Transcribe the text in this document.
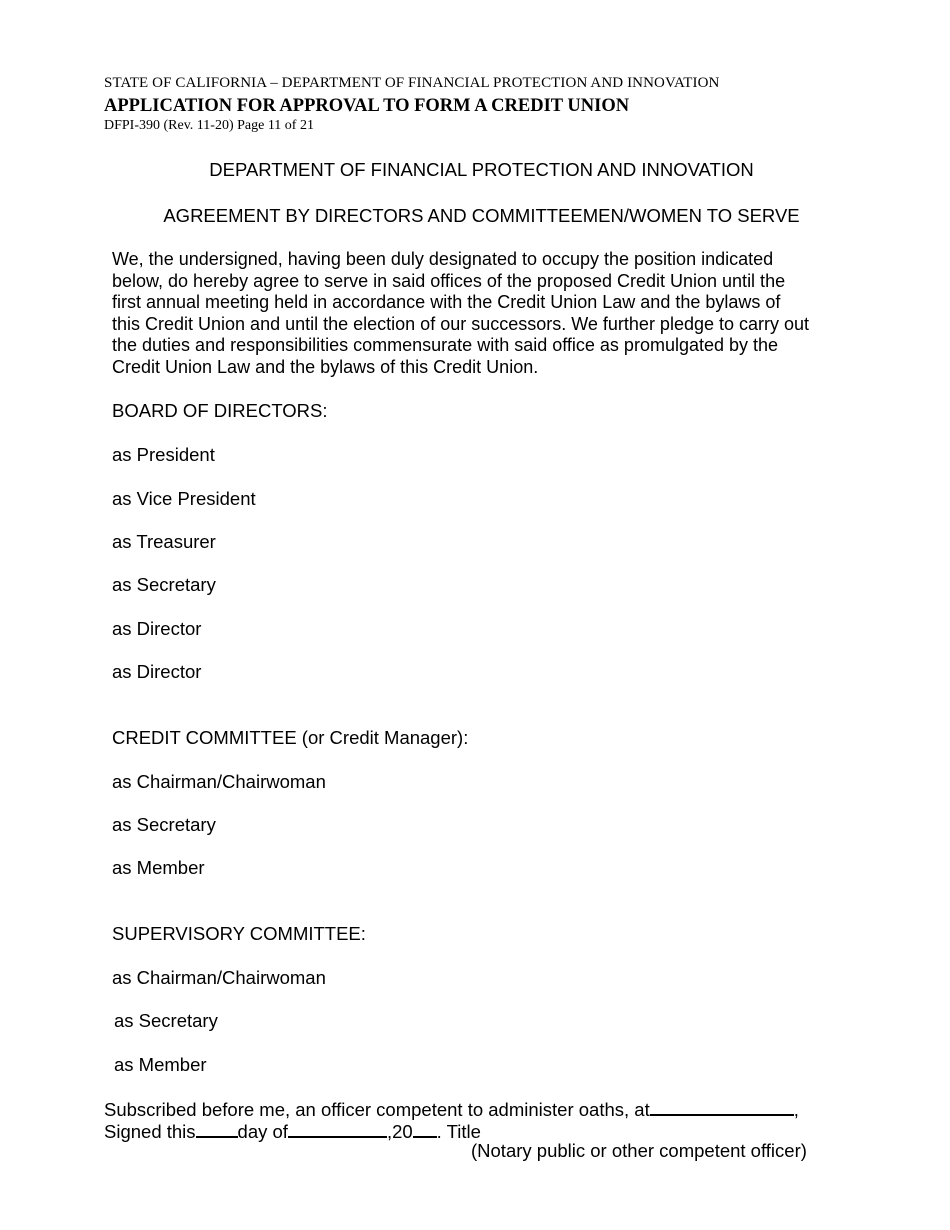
STATE OF CALIFORNIA – DEPARTMENT OF FINANCIAL PROTECTION AND INNOVATION
APPLICATION FOR APPROVAL TO FORM A CREDIT UNION
DFPI-390 (Rev. 11-20) Page 11 of 21
DEPARTMENT OF FINANCIAL PROTECTION AND INNOVATION
AGREEMENT BY DIRECTORS AND COMMITTEEMEN/WOMEN TO SERVE
We, the undersigned, having been duly designated to occupy the position indicated below, do hereby agree to serve in said offices of the proposed Credit Union until the first annual meeting held in accordance with the Credit Union Law and the bylaws of this Credit Union and until the election of our successors. We further pledge to carry out the duties and responsibilities commensurate with said office as promulgated by the Credit Union Law and the bylaws of this Credit Union.
BOARD OF DIRECTORS:
as President
as Vice President
as Treasurer
as Secretary
as Director
as Director
CREDIT COMMITTEE (or Credit Manager):
as Chairman/Chairwoman
as Secretary
as Member
SUPERVISORY COMMITTEE:
as Chairman/Chairwoman
as Secretary
as Member
Subscribed before me, an officer competent to administer oaths, at	,
Signed this day of	,20 . Title
(Notary public or other competent officer)
